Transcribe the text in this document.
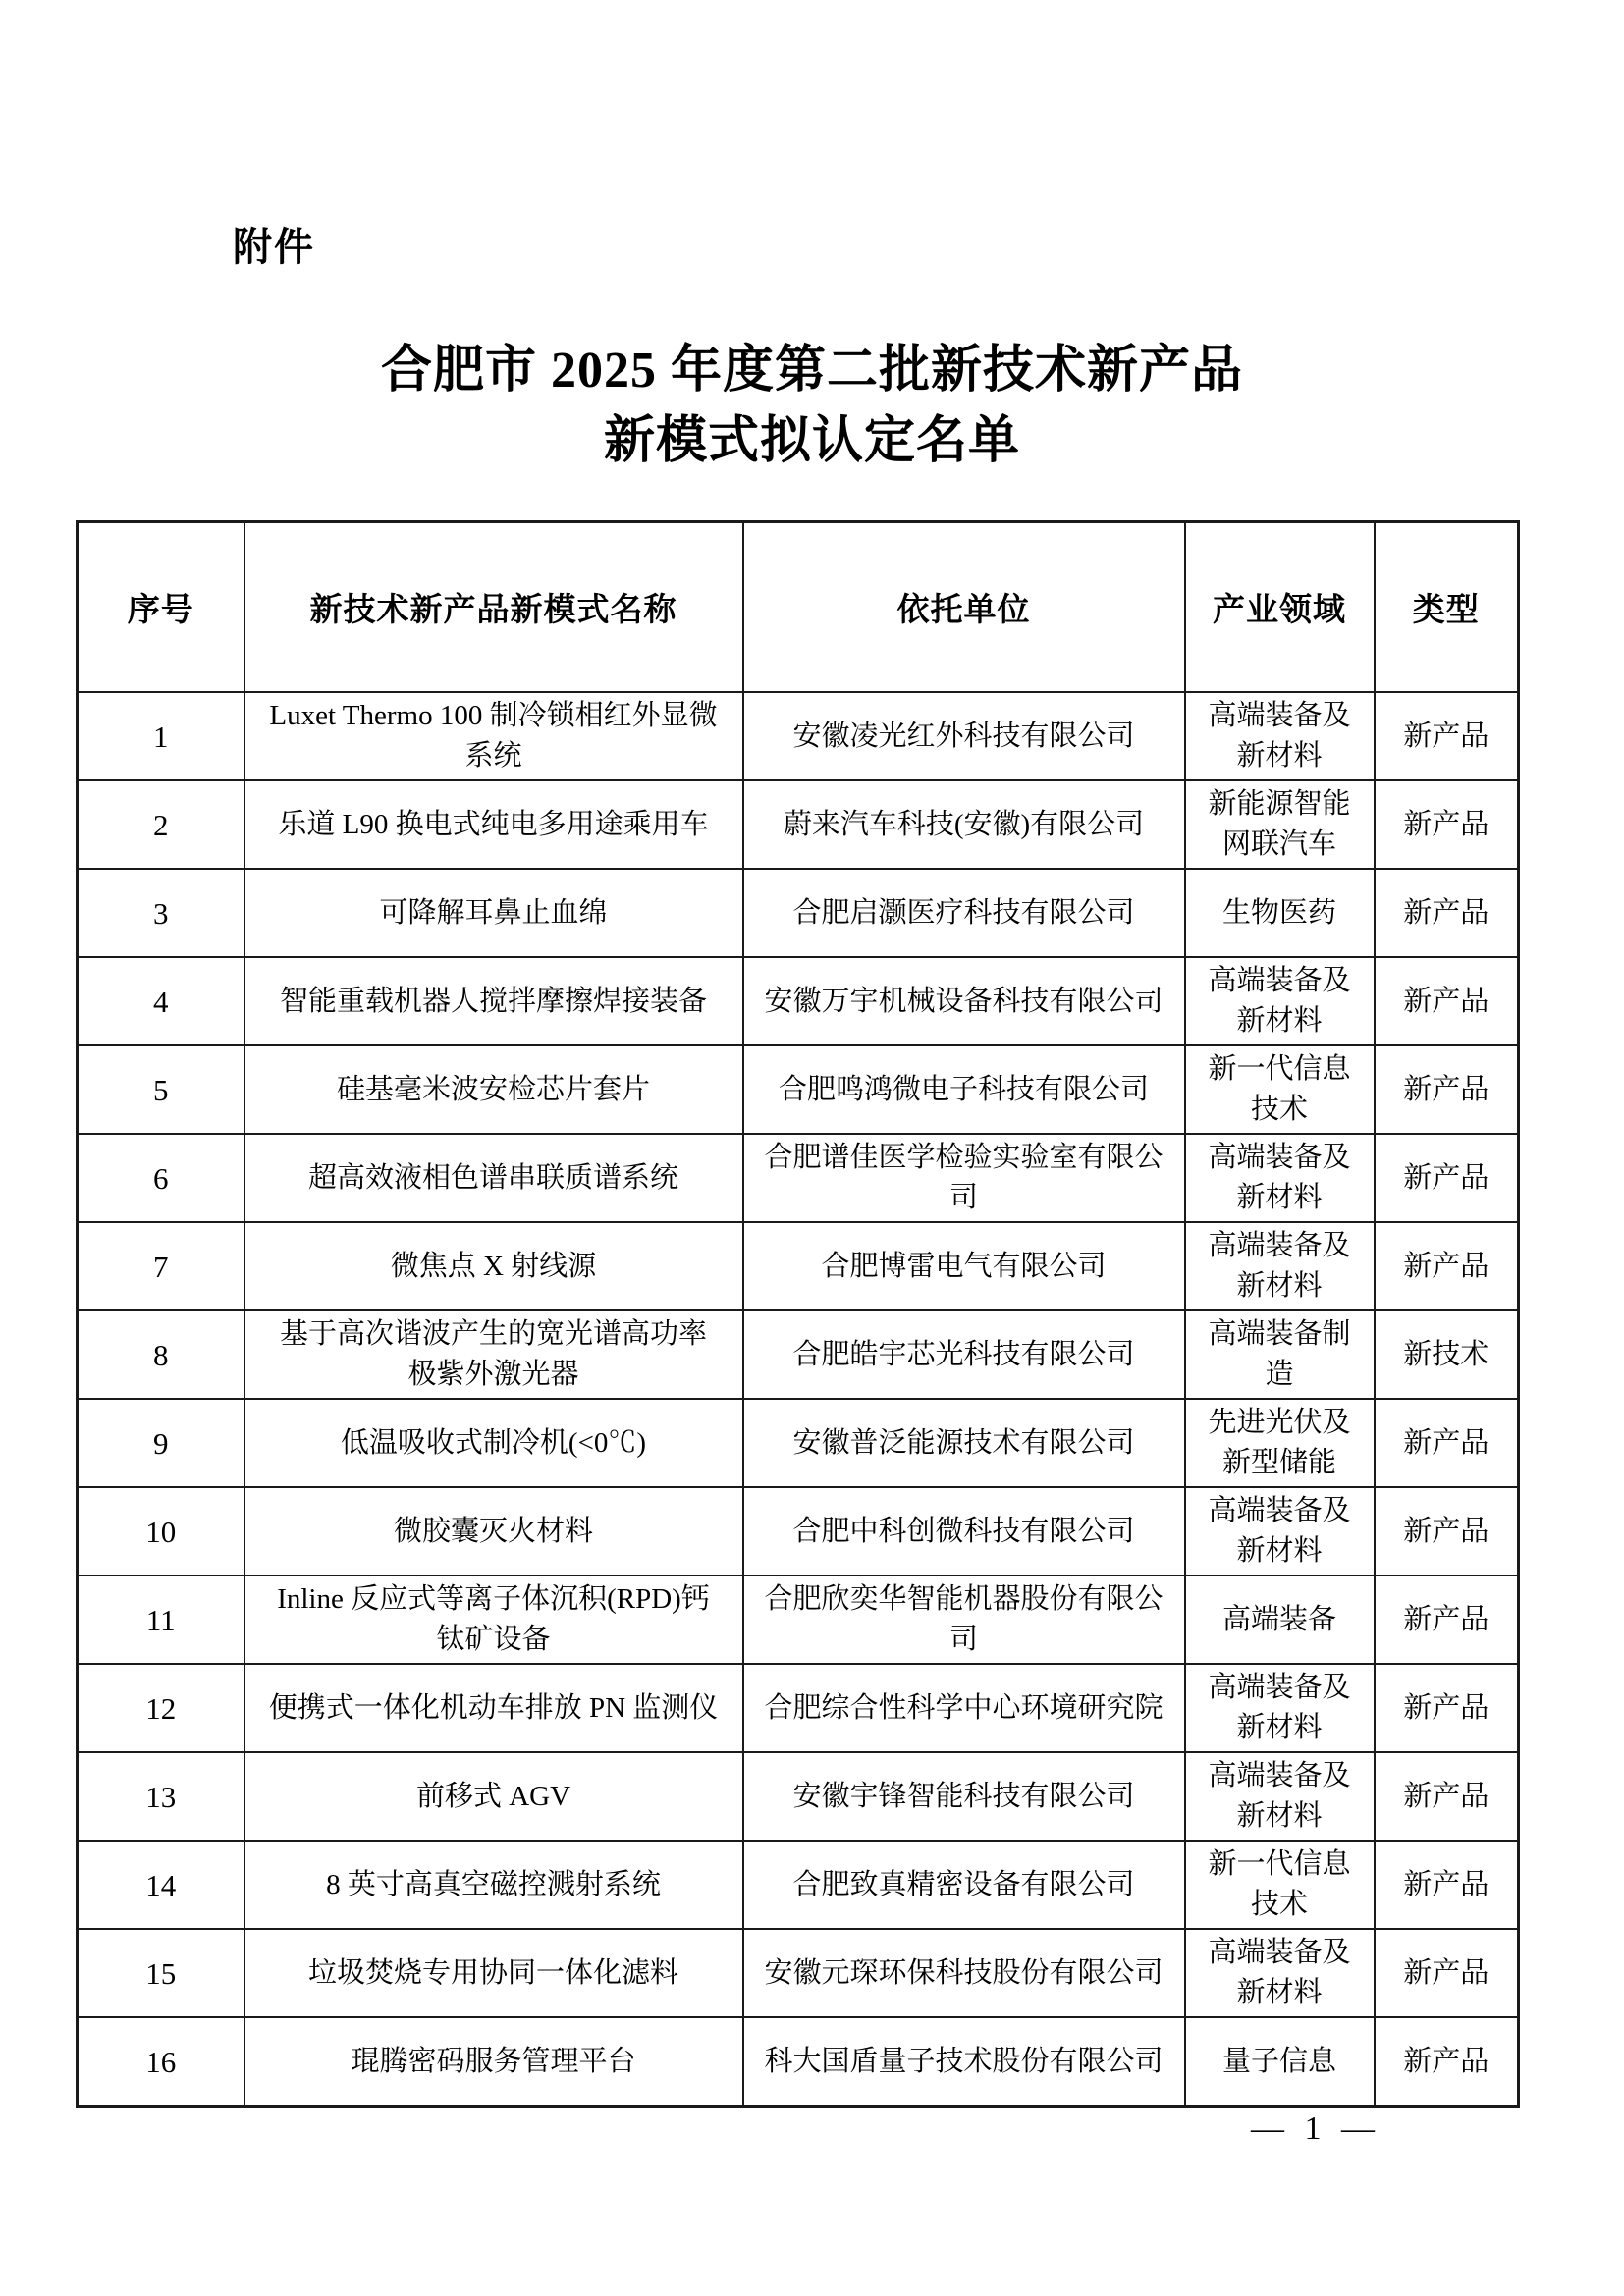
附件
合肥市 2025 年度第二批新技术新产品
新模式拟认定名单
序号	新技术新产品新模式名称	依托单位	产业领域	类型
1	Luxet Thermo 100 制冷锁相红外显微系统	安徽凌光红外科技有限公司	高端装备及新材料	新产品
2	乐道 L90 换电式纯电多用途乘用车	蔚来汽车科技(安徽)有限公司	新能源智能网联汽车	新产品
3	可降解耳鼻止血绵	合肥启灏医疗科技有限公司	生物医药	新产品
4	智能重载机器人搅拌摩擦焊接装备	安徽万宇机械设备科技有限公司	高端装备及新材料	新产品
5	硅基毫米波安检芯片套片	合肥鸣鸿微电子科技有限公司	新一代信息技术	新产品
6	超高效液相色谱串联质谱系统	合肥谱佳医学检验实验室有限公司	高端装备及新材料	新产品
7	微焦点 X 射线源	合肥博雷电气有限公司	高端装备及新材料	新产品
8	基于高次谐波产生的宽光谱高功率极紫外激光器	合肥皓宇芯光科技有限公司	高端装备制造	新技术
9	低温吸收式制冷机(<0℃)	安徽普泛能源技术有限公司	先进光伏及新型储能	新产品
10	微胶囊灭火材料	合肥中科创微科技有限公司	高端装备及新材料	新产品
11	Inline 反应式等离子体沉积(RPD)钙钛矿设备	合肥欣奕华智能机器股份有限公司	高端装备	新产品
12	便携式一体化机动车排放 PN 监测仪	合肥综合性科学中心环境研究院	高端装备及新材料	新产品
13	前移式 AGV	安徽宇锋智能科技有限公司	高端装备及新材料	新产品
14	8 英寸高真空磁控溅射系统	合肥致真精密设备有限公司	新一代信息技术	新产品
15	垃圾焚烧专用协同一体化滤料	安徽元琛环保科技股份有限公司	高端装备及新材料	新产品
16	琨腾密码服务管理平台	科大国盾量子技术股份有限公司	量子信息	新产品
— 1 —
